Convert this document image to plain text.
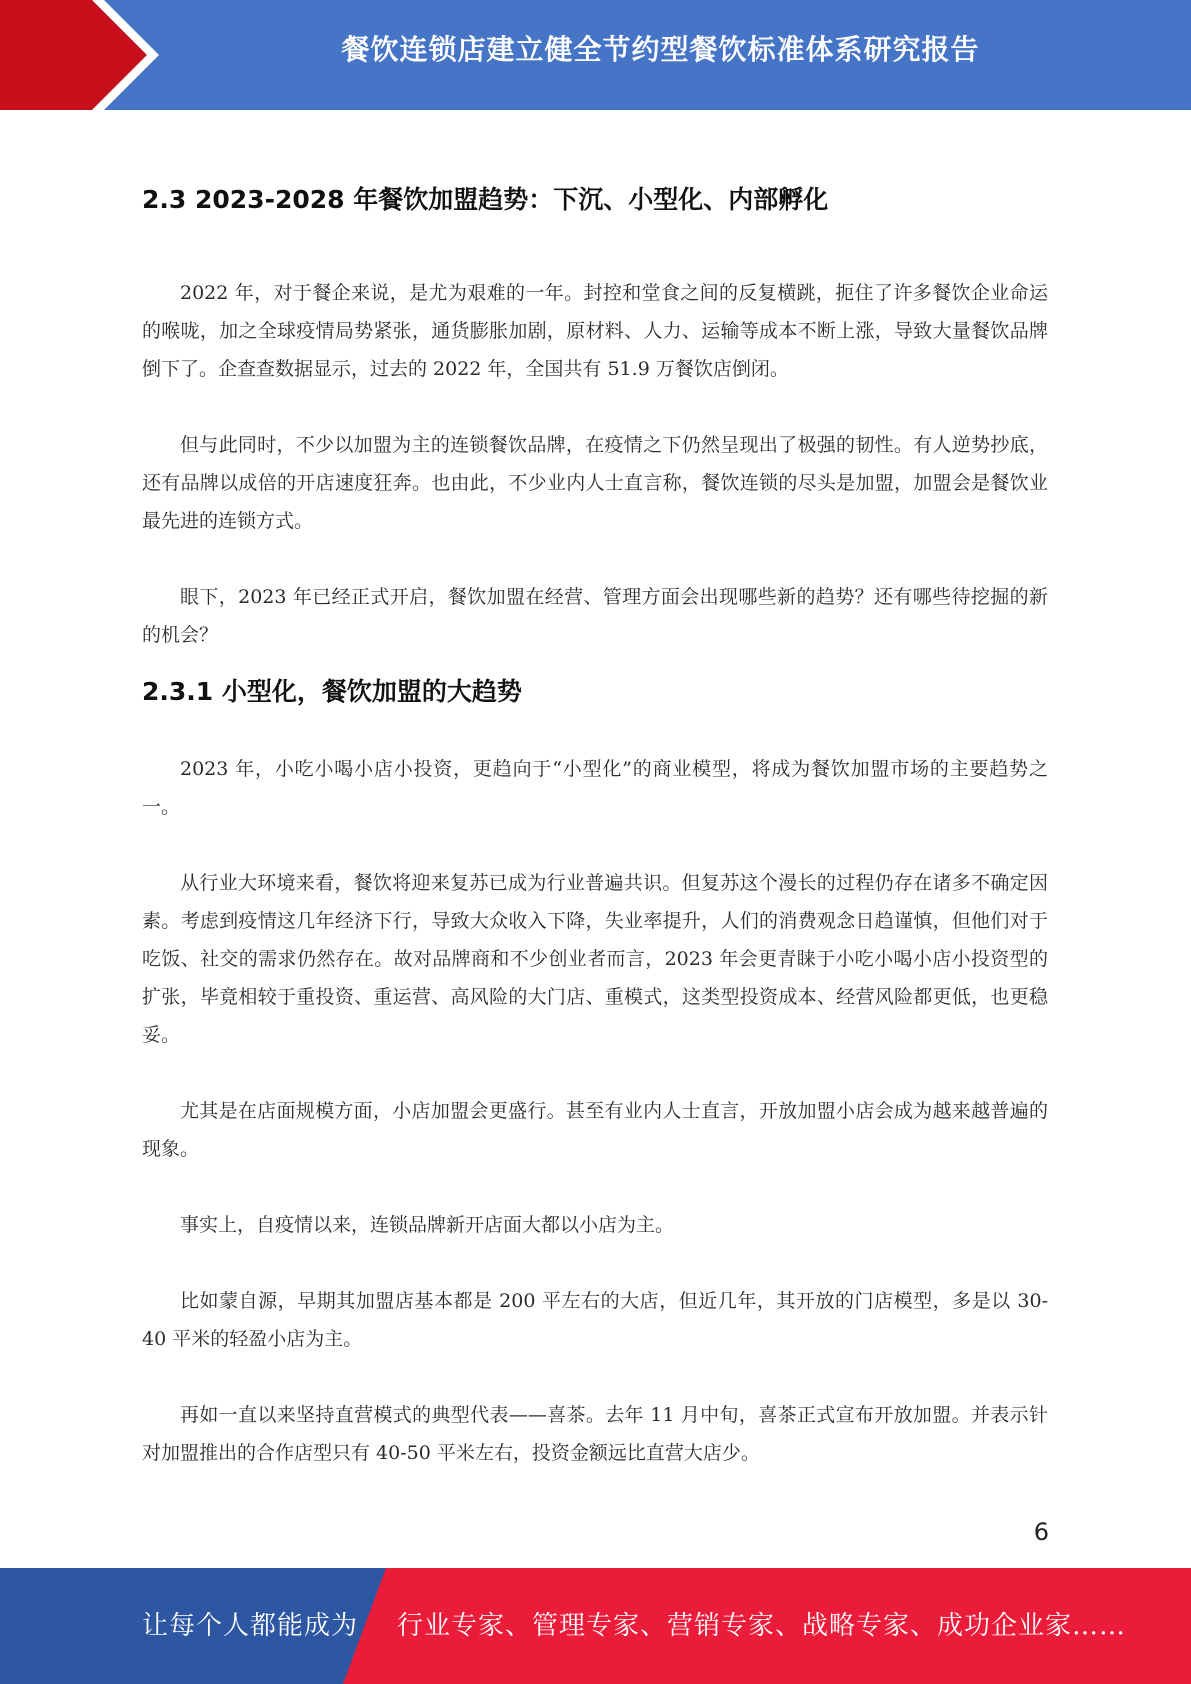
餐饮连锁店建立健全节约型餐饮标准体系研究报告
2.3 2023-2028 年餐饮加盟趋势：下沉、小型化、内部孵化

2022 年，对于餐企来说，是尤为艰难的一年。封控和堂食之间的反复横跳，扼住了许多餐饮企业命运的喉咙，加之全球疫情局势紧张，通货膨胀加剧，原材料、人力、运输等成本不断上涨，导致大量餐饮品牌倒下了。企查查数据显示，过去的 2022 年，全国共有 51.9 万餐饮店倒闭。

但与此同时，不少以加盟为主的连锁餐饮品牌，在疫情之下仍然呈现出了极强的韧性。有人逆势抄底，还有品牌以成倍的开店速度狂奔。也由此，不少业内人士直言称，餐饮连锁的尽头是加盟，加盟会是餐饮业最先进的连锁方式。

眼下，2023 年已经正式开启，餐饮加盟在经营、管理方面会出现哪些新的趋势？还有哪些待挖掘的新的机会？

2.3.1 小型化，餐饮加盟的大趋势

2023 年，小吃小喝小店小投资，更趋向于“小型化”的商业模型，将成为餐饮加盟市场的主要趋势之一。

从行业大环境来看，餐饮将迎来复苏已成为行业普遍共识。但复苏这个漫长的过程仍存在诸多不确定因素。考虑到疫情这几年经济下行，导致大众收入下降，失业率提升，人们的消费观念日趋谨慎，但他们对于吃饭、社交的需求仍然存在。故对品牌商和不少创业者而言，2023 年会更青睐于小吃小喝小店小投资型的扩张，毕竟相较于重投资、重运营、高风险的大门店、重模式，这类型投资成本、经营风险都更低，也更稳妥。

尤其是在店面规模方面，小店加盟会更盛行。甚至有业内人士直言，开放加盟小店会成为越来越普遍的现象。

事实上，自疫情以来，连锁品牌新开店面大都以小店为主。

比如蒙自源，早期其加盟店基本都是 200 平左右的大店，但近几年，其开放的门店模型，多是以 30-40 平米的轻盈小店为主。

再如一直以来坚持直营模式的典型代表——喜茶。去年 11 月中旬，喜茶正式宣布开放加盟。并表示针对加盟推出的合作店型只有 40-50 平米左右，投资金额远比直营大店少。

6
让每个人都能成为 行业专家、管理专家、营销专家、战略专家、成功企业家……
